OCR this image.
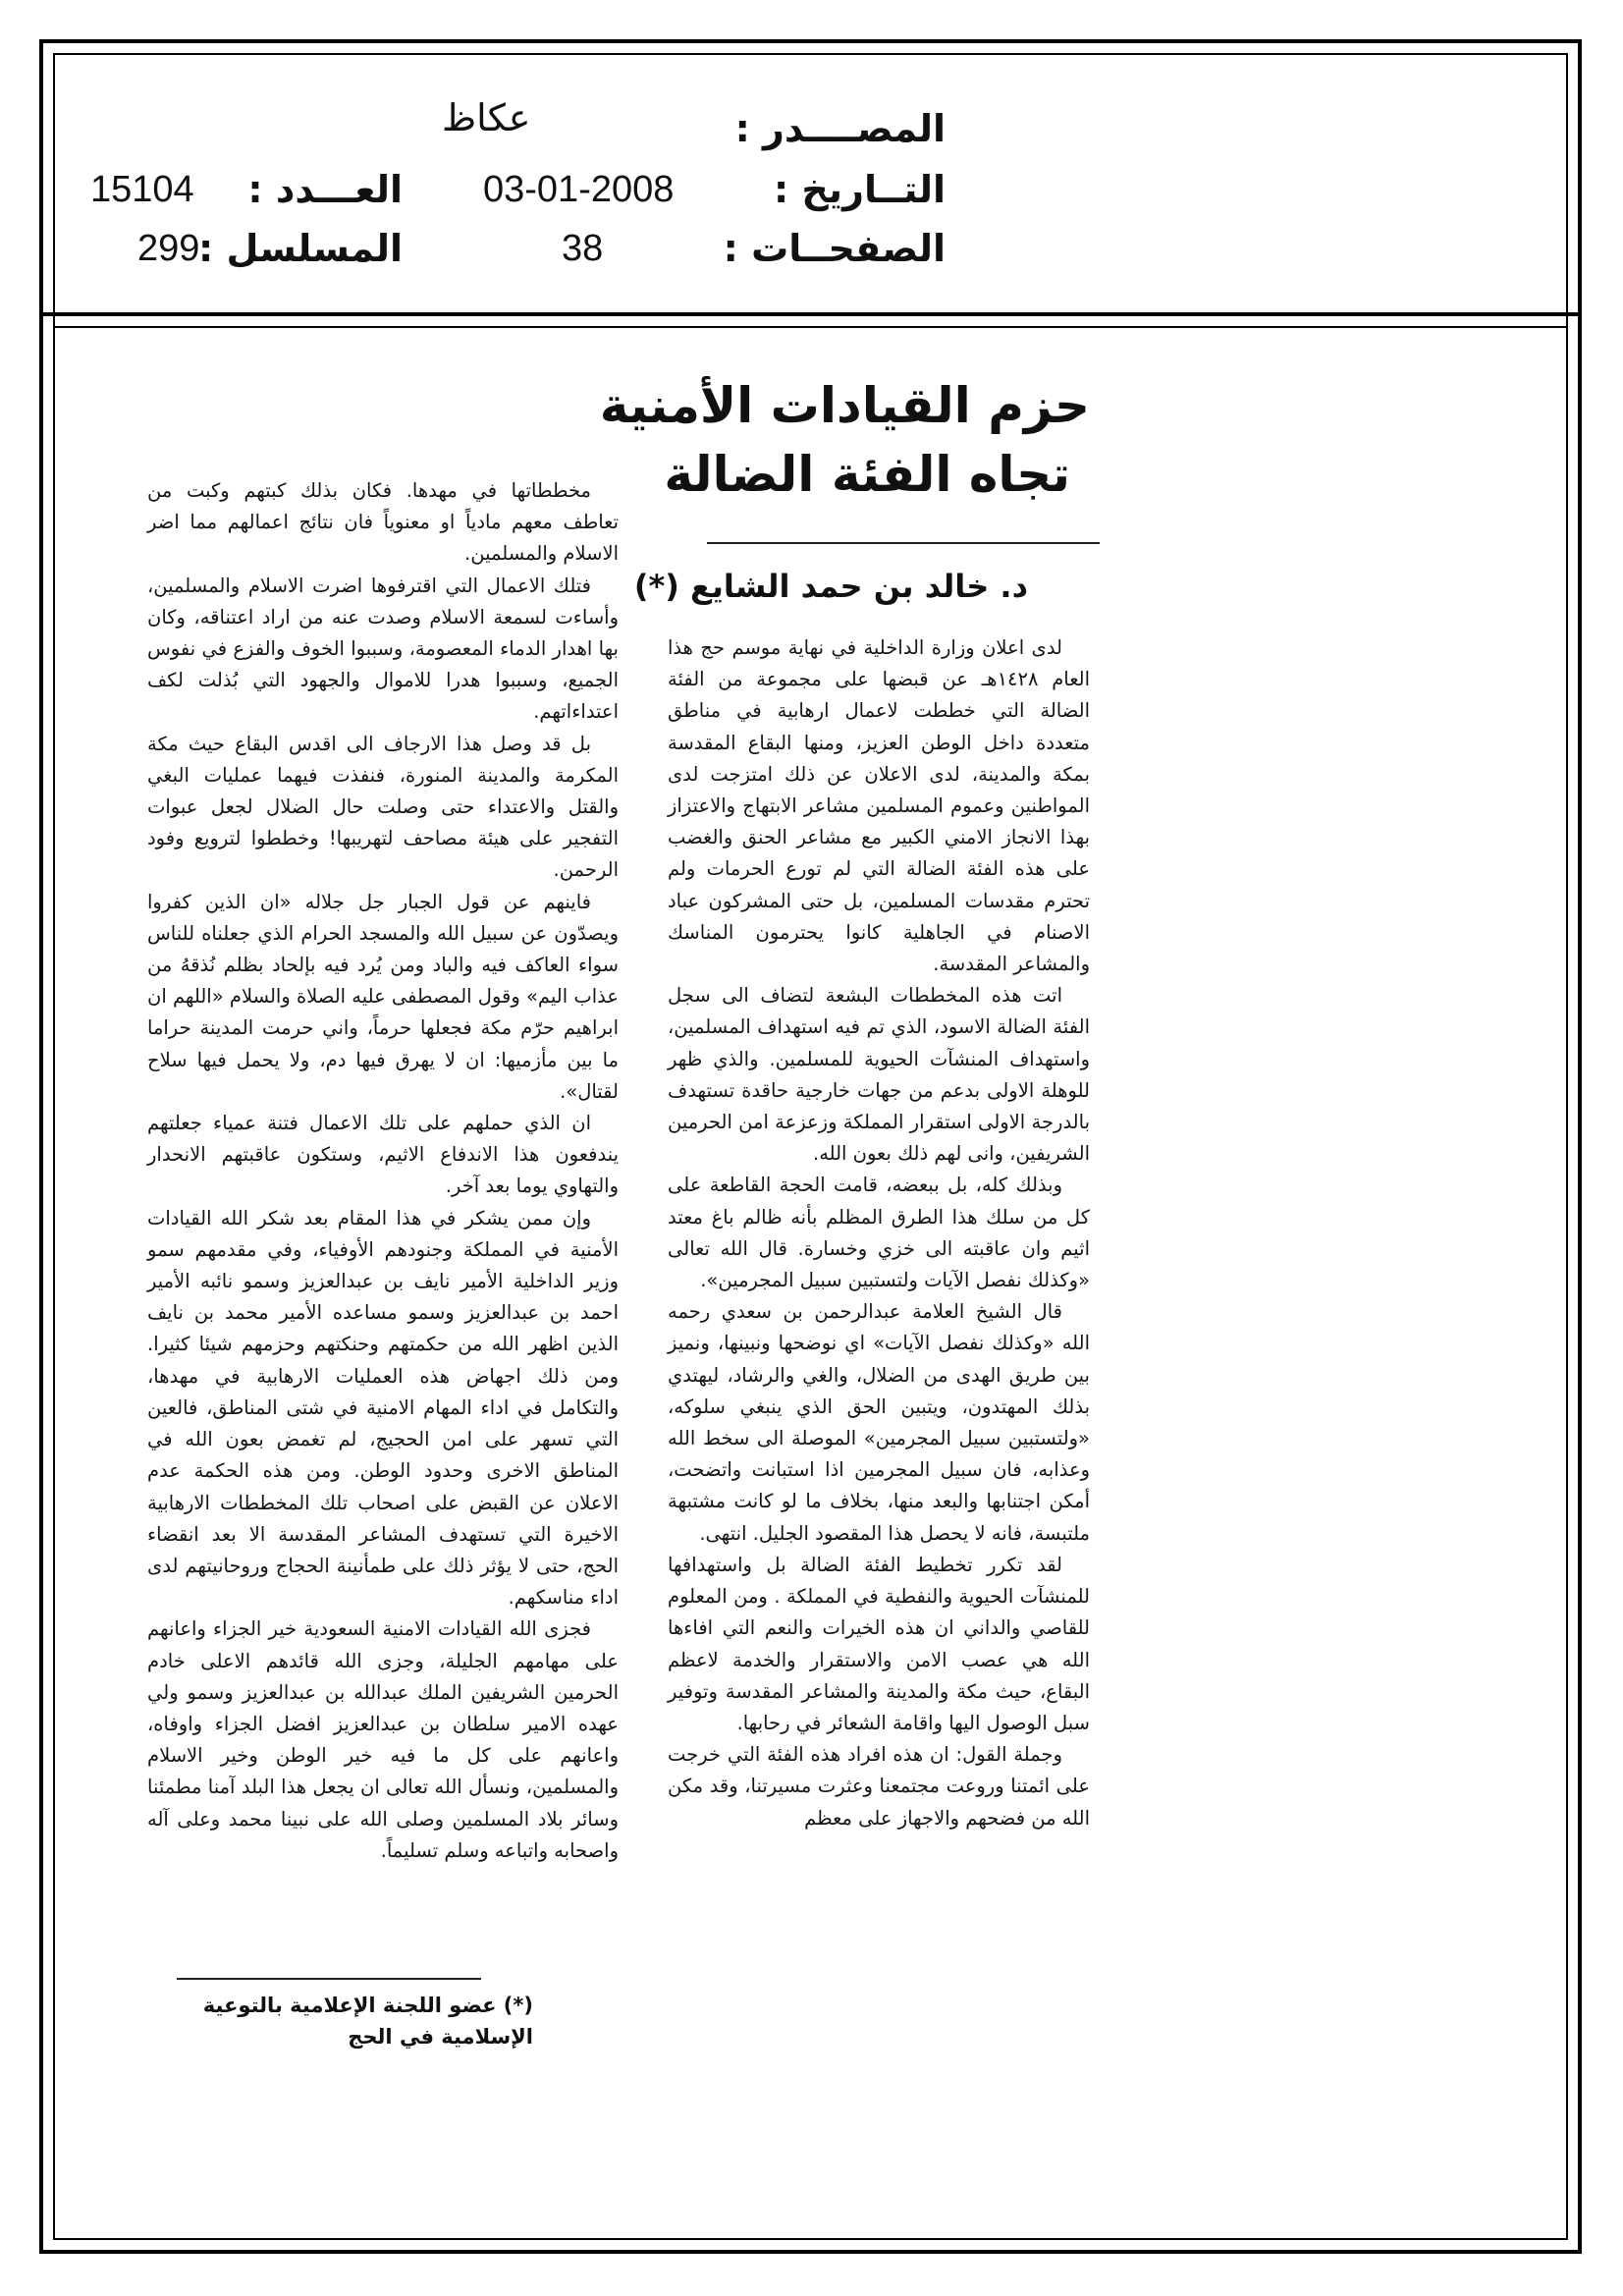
المصــــدر :
عكاظ
التــاريخ :
03-01-2008
العـــدد :
15104
الصفحــات :
38
المسلسل :
299
حزم القيادات الأمنية
تجاه الفئة الضالة
د. خالد بن حمد الشايع (*)

لدى اعلان وزارة الداخلية في نهاية موسم حج هذا العام ١٤٢٨هـ عن قبضها على مجموعة من الفئة الضالة التي خططت لاعمال ارهابية في مناطق متعددة داخل الوطن العزيز، ومنها البقاع المقدسة بمكة والمدينة، لدى الاعلان عن ذلك امتزجت لدى المواطنين وعموم المسلمين مشاعر الابتهاج والاعتزاز بهذا الانجاز الامني الكبير مع مشاعر الحنق والغضب على هذه الفئة الضالة التي لم تورع الحرمات ولم تحترم مقدسات المسلمين، بل حتى المشركون عباد الاصنام في الجاهلية كانوا يحترمون المناسك والمشاعر المقدسة.

اتت هذه المخططات البشعة لتضاف الى سجل الفئة الضالة الاسود، الذي تم فيه استهداف المسلمين، واستهداف المنشآت الحيوية للمسلمين. والذي ظهر للوهلة الاولى بدعم من جهات خارجية حاقدة تستهدف بالدرجة الاولى استقرار المملكة وزعزعة امن الحرمين الشريفين، وانى لهم ذلك بعون الله.

وبذلك كله، بل ببعضه، قامت الحجة القاطعة على كل من سلك هذا الطرق المظلم بأنه ظالم باغ معتد اثيم وان عاقبته الى خزي وخسارة. قال الله تعالى «وكذلك نفصل الآيات ولتستبين سبيل المجرمين».

قال الشيخ العلامة عبدالرحمن بن سعدي رحمه الله «وكذلك نفصل الآيات» اي نوضحها ونبينها، ونميز بين طريق الهدى من الضلال، والغي والرشاد، ليهتدي بذلك المهتدون، ويتبين الحق الذي ينبغي سلوكه، «ولتستبين سبيل المجرمين» الموصلة الى سخط الله وعذابه، فان سبيل المجرمين اذا استبانت واتضحت، أمكن اجتنابها والبعد منها، بخلاف ما لو كانت مشتبهة ملتبسة، فانه لا يحصل هذا المقصود الجليل. انتهى.

لقد تكرر تخطيط الفئة الضالة بل واستهدافها للمنشآت الحيوية والنفطية في المملكة . ومن المعلوم للقاصي والداني ان هذه الخيرات والنعم التي افاءها الله هي عصب الامن والاستقرار والخدمة لاعظم البقاع، حيث مكة والمدينة والمشاعر المقدسة وتوفير سبل الوصول اليها واقامة الشعائر في رحابها.

وجملة القول: ان هذه افراد هذه الفئة التي خرجت على ائمتنا وروعت مجتمعنا وعثرت مسيرتنا، وقد مكن الله من فضحهم والاجهاز على معظم

مخططاتها في مهدها. فكان بذلك كبتهم وكبت من تعاطف معهم مادياً او معنوياً فان نتائج اعمالهم مما اضر الاسلام والمسلمين.

فتلك الاعمال التي اقترفوها اضرت الاسلام والمسلمين، وأساءت لسمعة الاسلام وصدت عنه من اراد اعتناقه، وكان بها اهدار الدماء المعصومة، وسببوا الخوف والفزع في نفوس الجميع، وسببوا هدرا للاموال والجهود التي بُذلت لكف اعتداءاتهم.

بل قد وصل هذا الارجاف الى اقدس البقاع حيث مكة المكرمة والمدينة المنورة، فنفذت فيهما عمليات البغي والقتل والاعتداء حتى وصلت حال الضلال لجعل عبوات التفجير على هيئة مصاحف لتهريبها! وخططوا لترويع وفود الرحمن.

فاينهم عن قول الجبار جل جلاله «ان الذين كفروا ويصدّون عن سبيل الله والمسجد الحرام الذي جعلناه للناس سواء العاكف فيه والباد ومن يُرد فيه بإلحاد بظلم نُذقهُ من عذاب اليم» وقول المصطفى عليه الصلاة والسلام «اللهم ان ابراهيم حرّم مكة فجعلها حرماً، واني حرمت المدينة حراما ما بين مأزميها: ان لا يهرق فيها دم، ولا يحمل فيها سلاح لقتال».

ان الذي حملهم على تلك الاعمال فتنة عمياء جعلتهم يندفعون هذا الاندفاع الاثيم، وستكون عاقبتهم الانحدار والتهاوي يوما بعد آخر.

وإن ممن يشكر في هذا المقام بعد شكر الله القيادات الأمنية في المملكة وجنودهم الأوفياء، وفي مقدمهم سمو وزير الداخلية الأمير نايف بن عبدالعزيز وسمو نائبه الأمير احمد بن عبدالعزيز وسمو مساعده الأمير محمد بن نايف الذين اظهر الله من حكمتهم وحنكتهم وحزمهم شيئا كثيرا. ومن ذلك اجهاض هذه العمليات الارهابية في مهدها، والتكامل في اداء المهام الامنية في شتى المناطق، فالعين التي تسهر على امن الحجيج، لم تغمض بعون الله في المناطق الاخرى وحدود الوطن. ومن هذه الحكمة عدم الاعلان عن القبض على اصحاب تلك المخططات الارهابية الاخيرة التي تستهدف المشاعر المقدسة الا بعد انقضاء الحج، حتى لا يؤثر ذلك على طمأنينة الحجاج وروحانيتهم لدى اداء مناسكهم.

فجزى الله القيادات الامنية السعودية خير الجزاء واعانهم على مهامهم الجليلة، وجزى الله قائدهم الاعلى خادم الحرمين الشريفين الملك عبدالله بن عبدالعزيز وسمو ولي عهده الامير سلطان بن عبدالعزيز افضل الجزاء واوفاه، واعانهم على كل ما فيه خير الوطن وخير الاسلام والمسلمين، ونسأل الله تعالى ان يجعل هذا البلد آمنا مطمئنا وسائر بلاد المسلمين وصلى الله على نبينا محمد وعلى آله واصحابه واتباعه وسلم تسليماً.

(*) عضو اللجنة الإعلامية بالتوعية
الإسلامية في الحج
